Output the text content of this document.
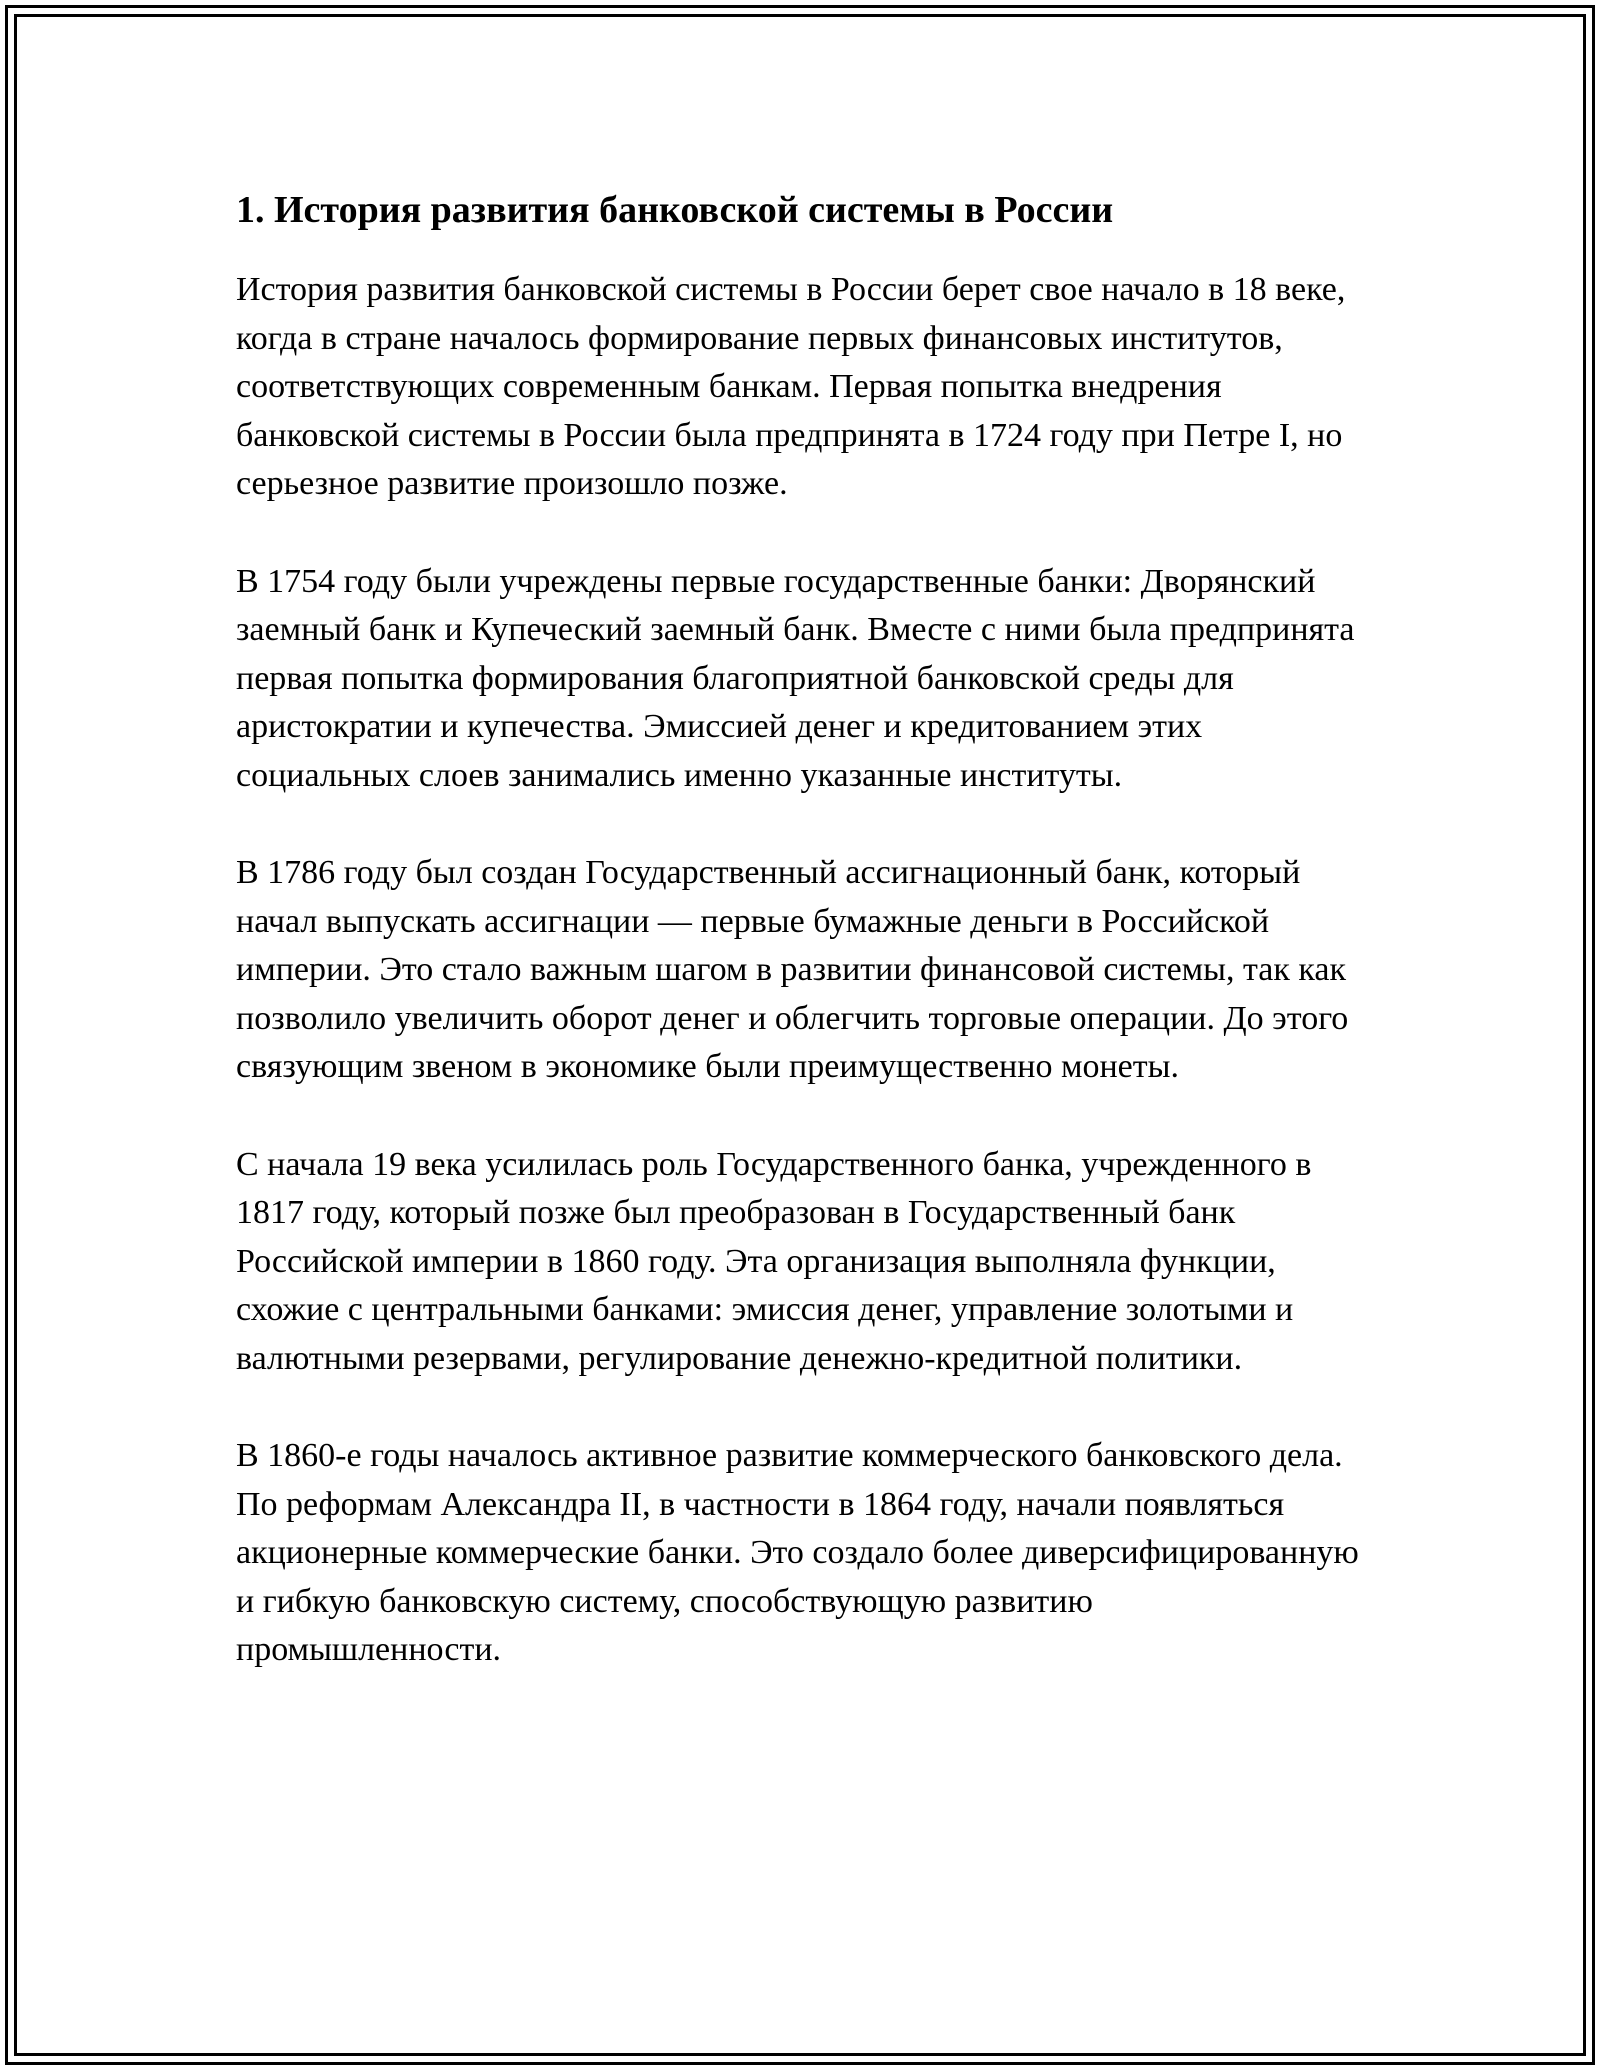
1. История развития банковской системы в России

История развития банковской системы в России берет свое начало в 18 веке, когда в стране началось формирование первых финансовых институтов, соответствующих современным банкам. Первая попытка внедрения банковской системы в России была предпринята в 1724 году при Петре I, но серьезное развитие произошло позже.

В 1754 году были учреждены первые государственные банки: Дворянский заемный банк и Купеческий заемный банк. Вместе с ними была предпринята первая попытка формирования благоприятной банковской среды для аристократии и купечества. Эмиссией денег и кредитованием этих социальных слоев занимались именно указанные институты.

В 1786 году был создан Государственный ассигнационный банк, который начал выпускать ассигнации — первые бумажные деньги в Российской империи. Это стало важным шагом в развитии финансовой системы, так как позволило увеличить оборот денег и облегчить торговые операции. До этого связующим звеном в экономике были преимущественно монеты.

С начала 19 века усилилась роль Государственного банка, учрежденного в 1817 году, который позже был преобразован в Государственный банк Российской империи в 1860 году. Эта организация выполняла функции, схожие с центральными банками: эмиссия денег, управление золотыми и валютными резервами, регулирование денежно-кредитной политики.

В 1860-е годы началось активное развитие коммерческого банковского дела. По реформам Александра II, в частности в 1864 году, начали появляться акционерные коммерческие банки. Это создало более диверсифицированную и гибкую банковскую систему, способствующую развитию промышленности.
